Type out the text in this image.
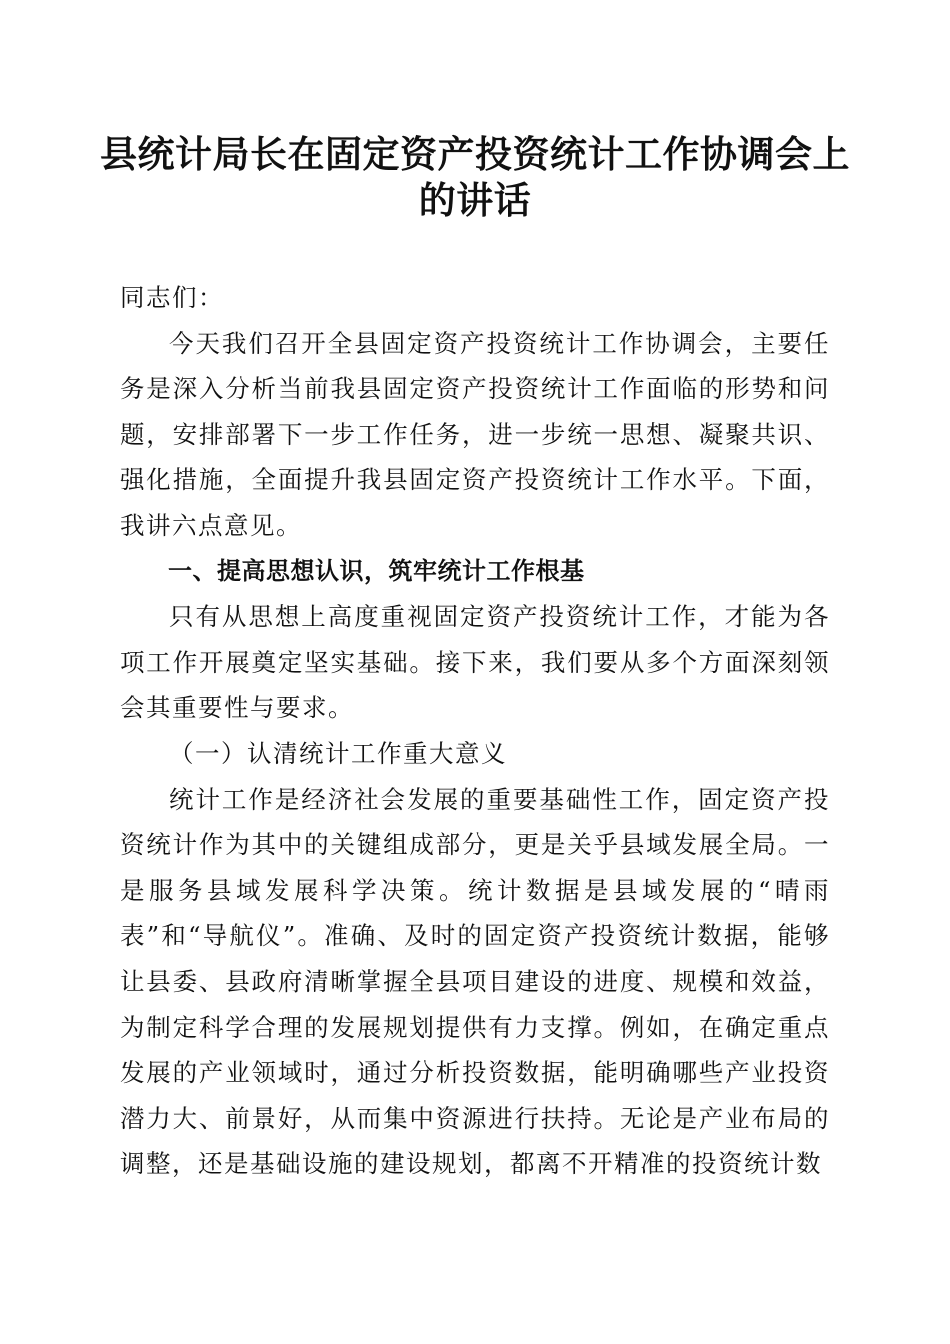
县统计局长在固定资产投资统计工作协调会上的讲话

同志们：

今天我们召开全县固定资产投资统计工作协调会，主要任务是深入分析当前我县固定资产投资统计工作面临的形势和问题，安排部署下一步工作任务，进一步统一思想、凝聚共识、强化措施，全面提升我县固定资产投资统计工作水平。下面，我讲六点意见。

一、提高思想认识，筑牢统计工作根基

只有从思想上高度重视固定资产投资统计工作，才能为各项工作开展奠定坚实基础。接下来，我们要从多个方面深刻领会其重要性与要求。

（一）认清统计工作重大意义

统计工作是经济社会发展的重要基础性工作，固定资产投资统计作为其中的关键组成部分，更是关乎县域发展全局。一是服务县域发展科学决策。统计数据是县域发展的“晴雨表”和“导航仪”。准确、及时的固定资产投资统计数据，能够让县委、县政府清晰掌握全县项目建设的进度、规模和效益，为制定科学合理的发展规划提供有力支撑。例如，在确定重点发展的产业领域时，通过分析投资数据，能明确哪些产业投资潜力大、前景好，从而集中资源进行扶持。无论是产业布局的调整，还是基础设施的建设规划，都离不开精准的投资统计数
